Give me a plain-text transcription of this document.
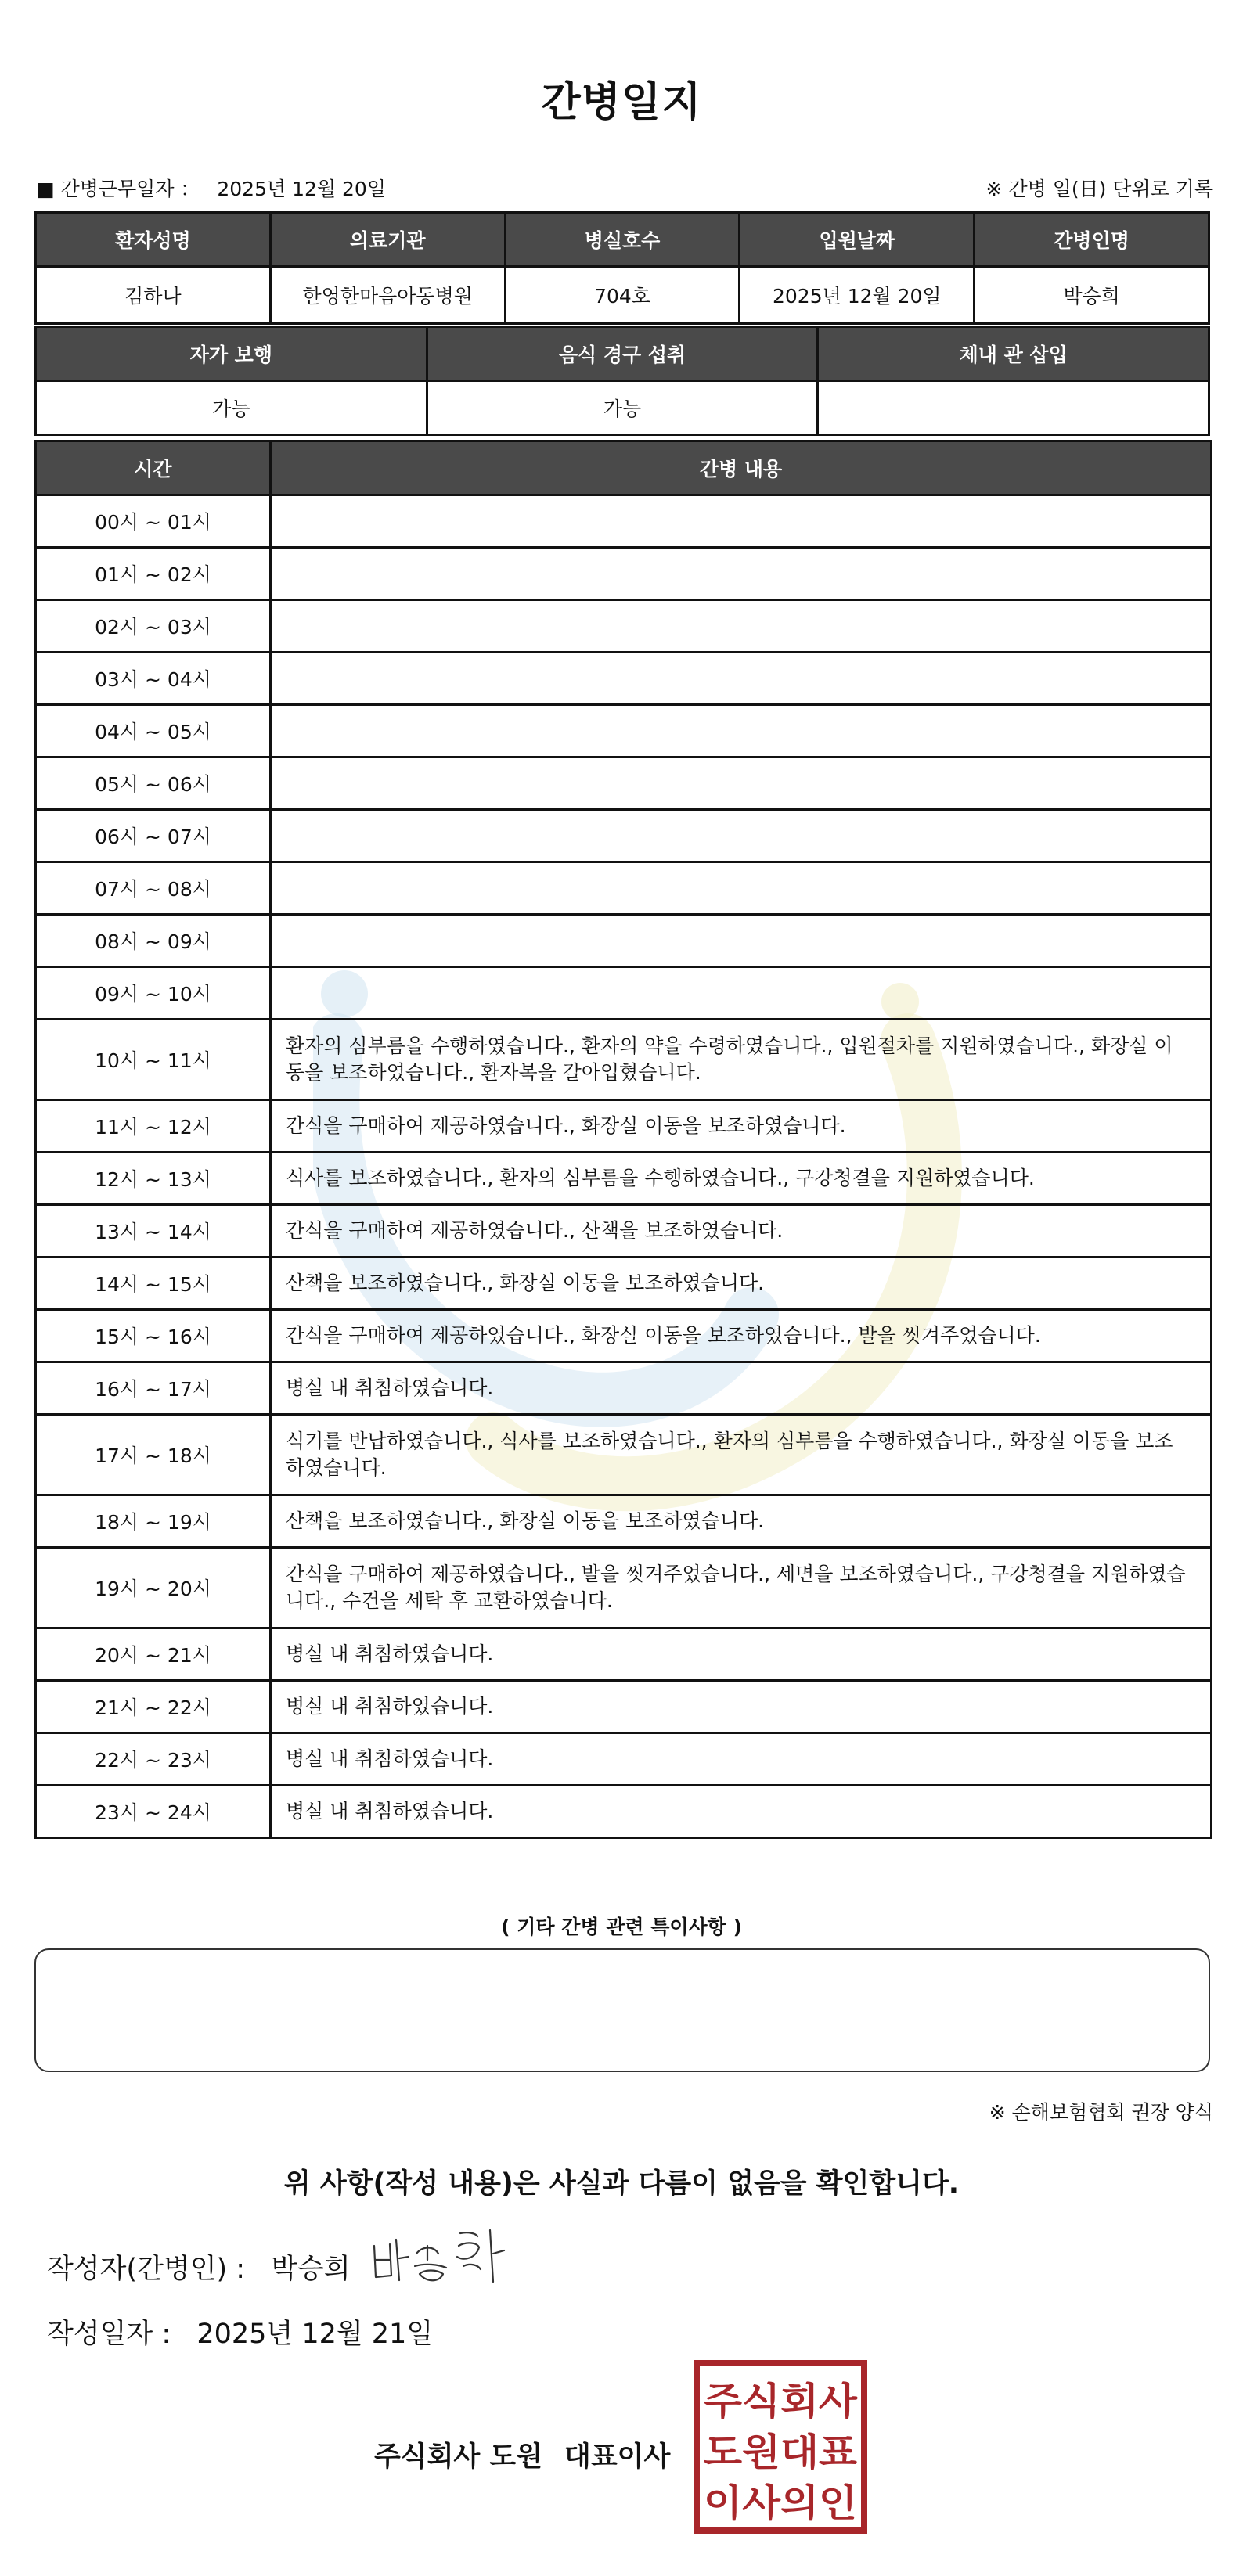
간병일지
■ 간병근무일자 ： 2025년 12월 20일	※ 간병 일(日) 단위로 기록
환자성명	의료기관	병실호수	입원날짜	간병인명
김하나	한영한마음아동병원	704호	2025년 12월 20일	박승희
자가 보행	음식 경구 섭취	체내 관 삽입
가능	가능	
시간	간병 내용
00시 ~ 01시	
01시 ~ 02시	
02시 ~ 03시	
03시 ~ 04시	
04시 ~ 05시	
05시 ~ 06시	
06시 ~ 07시	
07시 ~ 08시	
08시 ~ 09시	
09시 ~ 10시	
10시 ~ 11시	환자의 심부름을 수행하였습니다., 환자의 약을 수령하였습니다., 입원절차를 지원하였습니다., 화장실 이동을 보조하였습니다., 환자복을 갈아입혔습니다.
11시 ~ 12시	간식을 구매하여 제공하였습니다., 화장실 이동을 보조하였습니다.
12시 ~ 13시	식사를 보조하였습니다., 환자의 심부름을 수행하였습니다., 구강청결을 지원하였습니다.
13시 ~ 14시	간식을 구매하여 제공하였습니다., 산책을 보조하였습니다.
14시 ~ 15시	산책을 보조하였습니다., 화장실 이동을 보조하였습니다.
15시 ~ 16시	간식을 구매하여 제공하였습니다., 화장실 이동을 보조하였습니다., 발을 씻겨주었습니다.
16시 ~ 17시	병실 내 취침하였습니다.
17시 ~ 18시	식기를 반납하였습니다., 식사를 보조하였습니다., 환자의 심부름을 수행하였습니다., 화장실 이동을 보조하였습니다.
18시 ~ 19시	산책을 보조하였습니다., 화장실 이동을 보조하였습니다.
19시 ~ 20시	간식을 구매하여 제공하였습니다., 발을 씻겨주었습니다., 세면을 보조하였습니다., 구강청결을 지원하였습니다., 수건을 세탁 후 교환하였습니다.
20시 ~ 21시	병실 내 취침하였습니다.
21시 ~ 22시	병실 내 취침하였습니다.
22시 ~ 23시	병실 내 취침하였습니다.
23시 ~ 24시	병실 내 취침하였습니다.
( 기타 간병 관련 특이사항 )
※ 손해보험협회 권장 양식
위 사항(작성 내용)은 사실과 다름이 없음을 확인합니다.
작성자(간병인) : 박승희
작성일자 : 2025년 12월 21일
주식회사 도원 대표이사
주식회사
도원대표
이사의인
